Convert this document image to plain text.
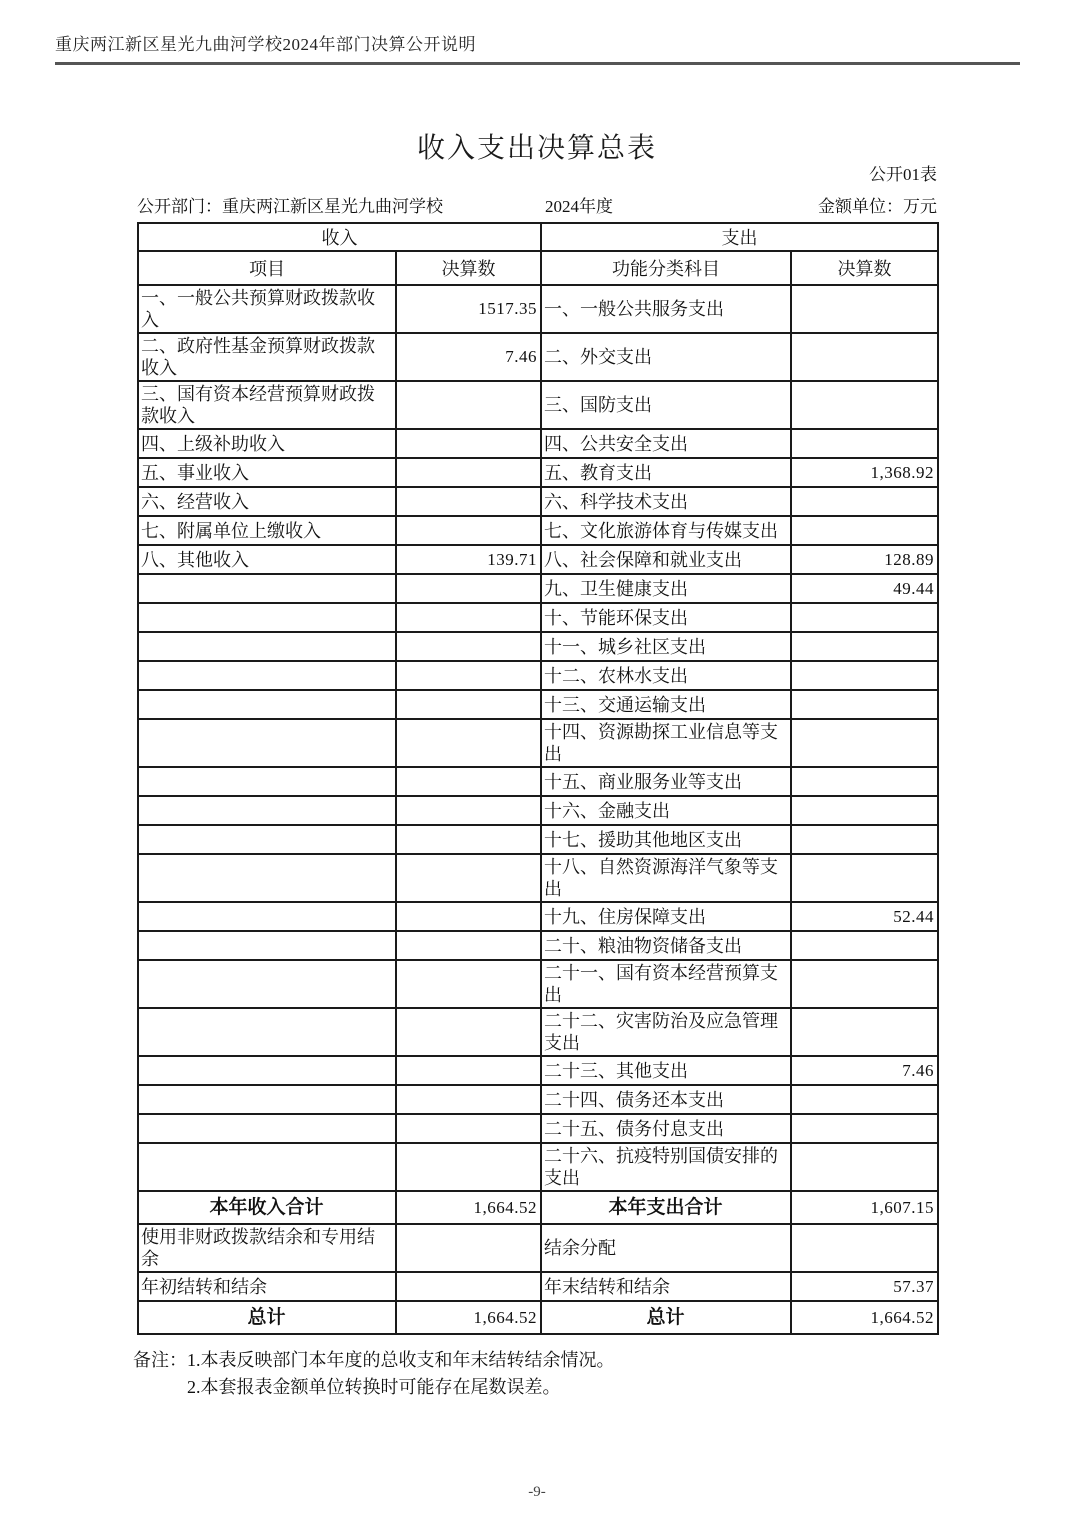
重庆两江新区星光九曲河学校2024年部门决算公开说明
收入支出决算总表
公开01表
公开部门：重庆两江新区星光九曲河学校	2024年度	金额单位：万元
收入		支出	
项目	决算数	功能分类科目	决算数
一、一般公共预算财政拨款收入	1517.35	一、一般公共服务支出	
二、政府性基金预算财政拨款收入	7.46	二、外交支出	
三、国有资本经营预算财政拨款收入		三、国防支出	
四、上级补助收入		四、公共安全支出	
五、事业收入		五、教育支出	1,368.92
六、经营收入		六、科学技术支出	
七、附属单位上缴收入		七、文化旅游体育与传媒支出	
八、其他收入	139.71	八、社会保障和就业支出	128.89
		九、卫生健康支出	49.44
		十、节能环保支出	
		十一、城乡社区支出	
		十二、农林水支出	
		十三、交通运输支出	
		十四、资源勘探工业信息等支出	
		十五、商业服务业等支出	
		十六、金融支出	
		十七、援助其他地区支出	
		十八、自然资源海洋气象等支出	
		十九、住房保障支出	52.44
		二十、粮油物资储备支出	
		二十一、国有资本经营预算支出	
		二十二、灾害防治及应急管理支出	
		二十三、其他支出	7.46
		二十四、债务还本支出	
		二十五、债务付息支出	
		二十六、抗疫特别国债安排的支出	
本年收入合计	1,664.52	本年支出合计	1,607.15
使用非财政拨款结余和专用结余		结余分配	
年初结转和结余		年末结转和结余	57.37
总计	1,664.52	总计	1,664.52
备注： 1.本表反映部门本年度的总收支和年末结转结余情况。
2.本套报表金额单位转换时可能存在尾数误差。
-9-
